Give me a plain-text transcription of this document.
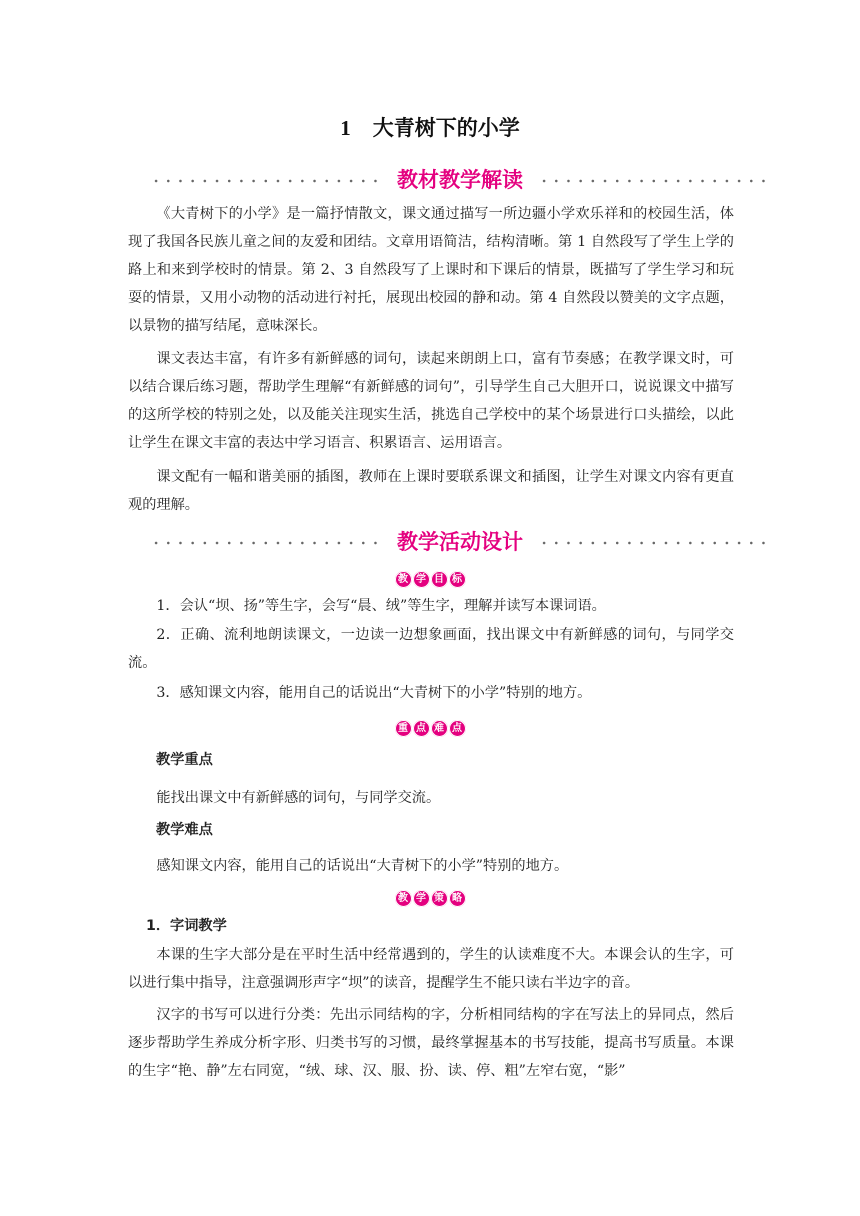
1 大青树下的小学
教材教学解读
《大青树下的小学》是一篇抒情散文，课文通过描写一所边疆小学欢乐祥和的校园生活，体现了我国各民族儿童之间的友爱和团结。文章用语简洁，结构清晰。第 1 自然段写了学生上学的路上和来到学校时的情景。第 2、3 自然段写了上课时和下课后的情景，既描写了学生学习和玩耍的情景，又用小动物的活动进行衬托，展现出校园的静和动。第 4 自然段以赞美的文字点题，以景物的描写结尾，意味深长。
课文表达丰富，有许多有新鲜感的词句，读起来朗朗上口，富有节奏感；在教学课文时，可以结合课后练习题，帮助学生理解“有新鲜感的词句”，引导学生自己大胆开口，说说课文中描写的这所学校的特别之处，以及能关注现实生活，挑选自己学校中的某个场景进行口头描绘，以此让学生在课文丰富的表达中学习语言、积累语言、运用语言。
课文配有一幅和谐美丽的插图，教师在上课时要联系课文和插图，让学生对课文内容有更直观的理解。
教学活动设计
教 学 目 标
1．会认“坝、扬”等生字，会写“晨、绒”等生字，理解并读写本课词语。
2．正确、流利地朗读课文，一边读一边想象画面，找出课文中有新鲜感的词句，与同学交流。
3．感知课文内容，能用自己的话说出“大青树下的小学”特别的地方。
重 点 难 点
教学重点
能找出课文中有新鲜感的词句，与同学交流。
教学难点
感知课文内容，能用自己的话说出“大青树下的小学”特别的地方。
教 学 策 略
1．字词教学
本课的生字大部分是在平时生活中经常遇到的，学生的认读难度不大。本课会认的生字，可以进行集中指导，注意强调形声字“坝”的读音，提醒学生不能只读右半边字的音。
汉字的书写可以进行分类：先出示同结构的字，分析相同结构的字在写法上的异同点，然后逐步帮助学生养成分析字形、归类书写的习惯，最终掌握基本的书写技能，提高书写质量。本课的生字“艳、静”左右同宽，“绒、球、汉、服、扮、读、停、粗”左窄右宽，“影”
